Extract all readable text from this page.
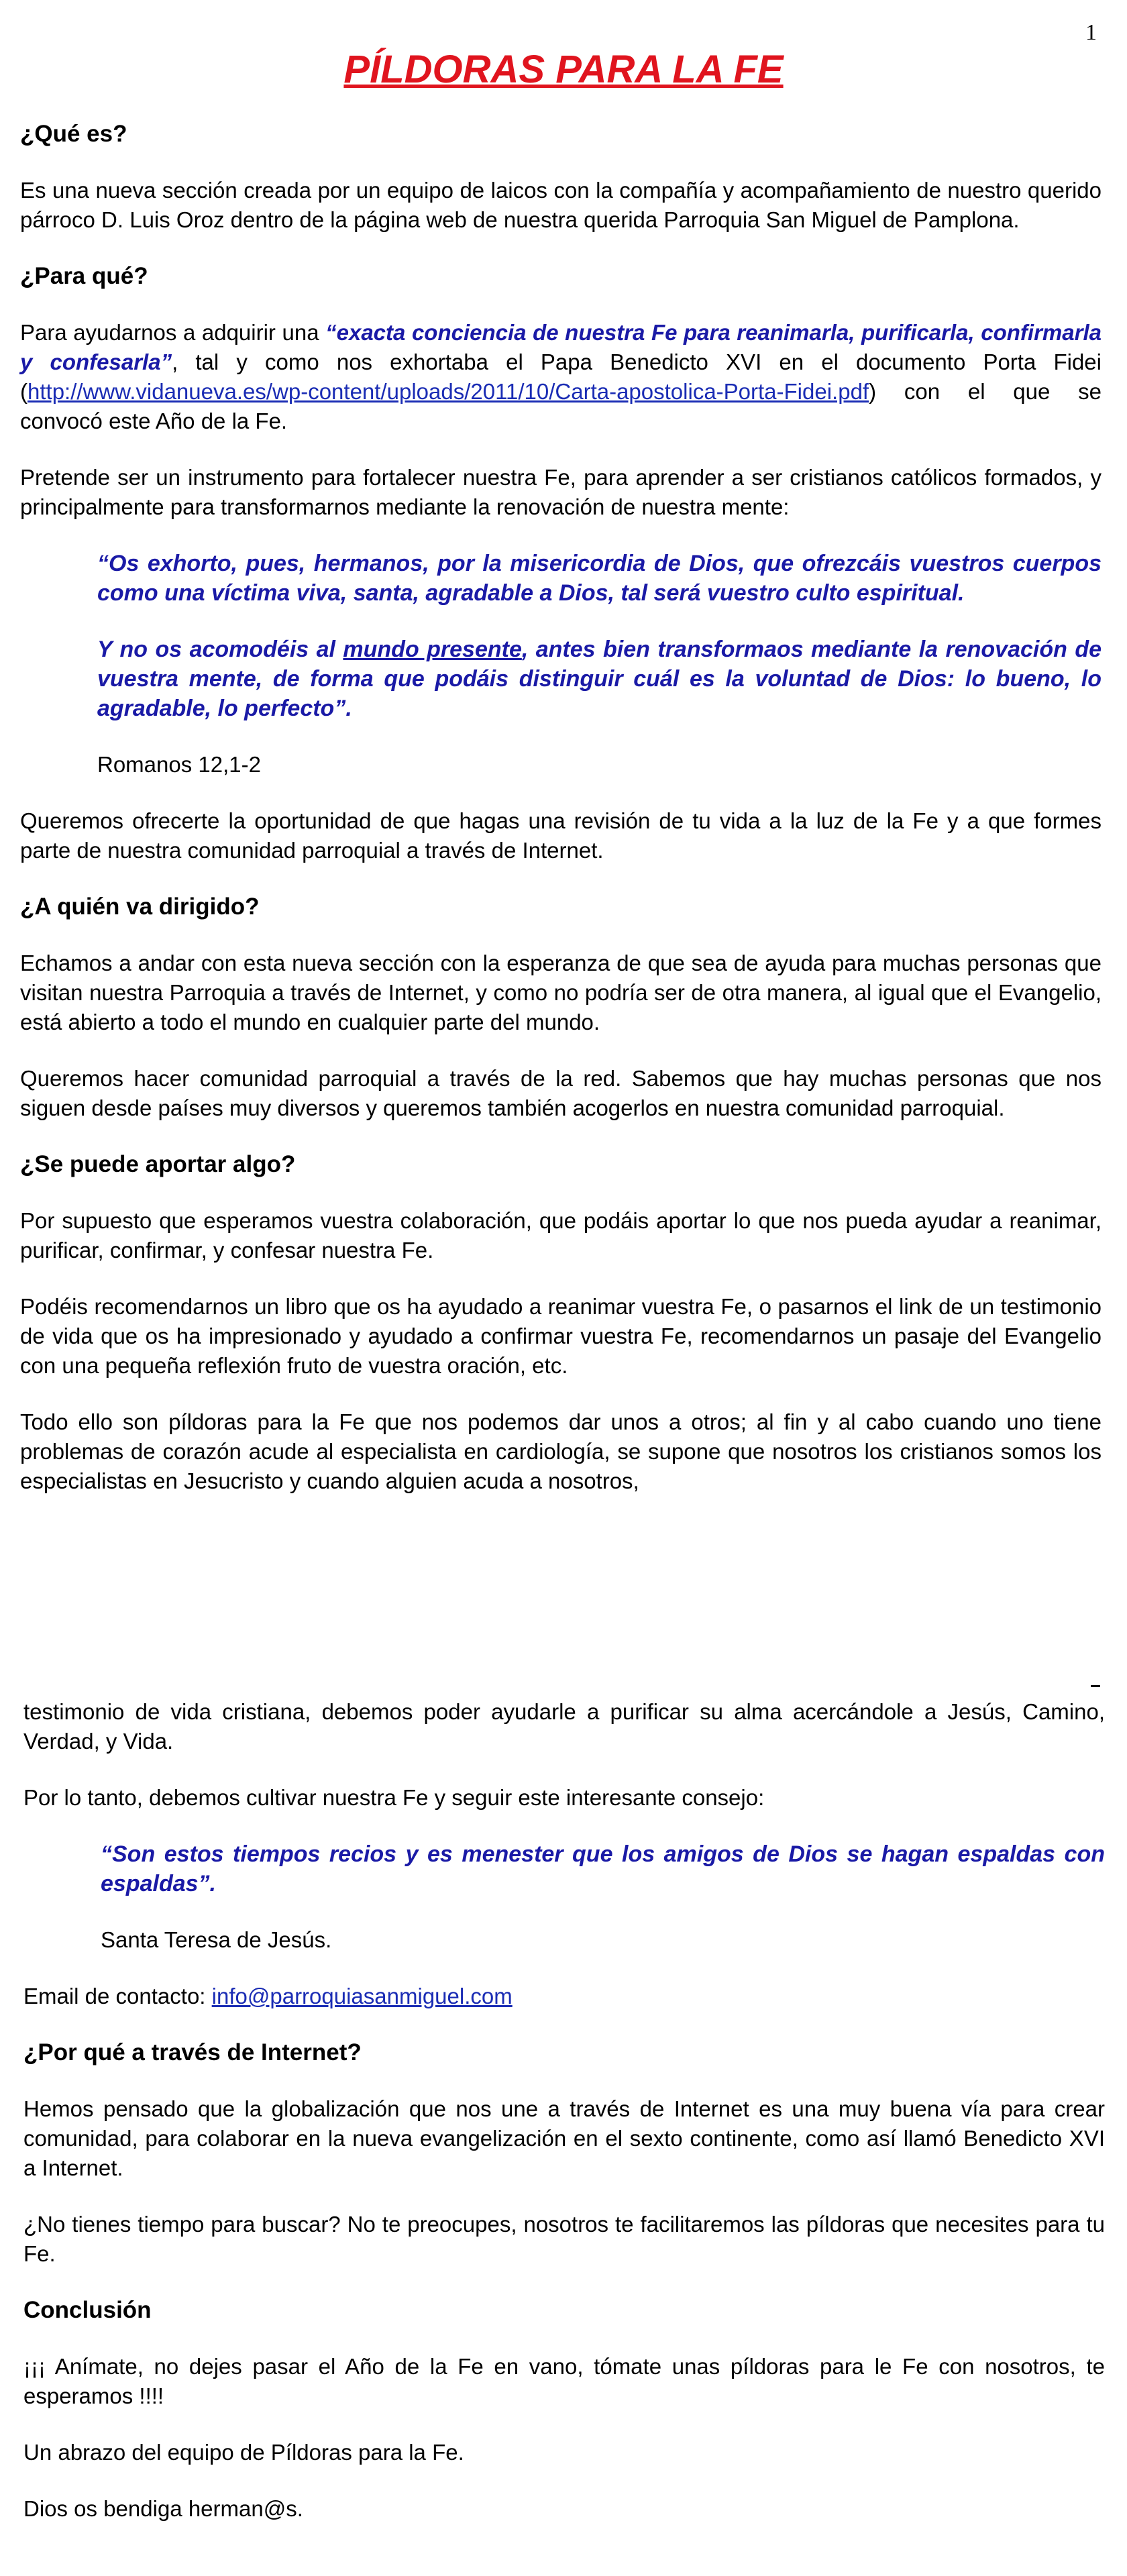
1
PÍLDORAS PARA LA FE
¿Qué es?

Es una nueva sección creada por un equipo de laicos con la compañía y acompañamiento de nuestro querido párroco D. Luis Oroz dentro de la página web de nuestra querida Parroquia San Miguel de Pamplona.

¿Para qué?

Para ayudarnos a adquirir una “exacta conciencia de nuestra Fe para reanimarla, purificarla, confirmarla y confesarla”, tal y como nos exhortaba el Papa Benedicto XVI en el documento Porta Fidei (http://www.vidanueva.es/wp-content/uploads/2011/10/Carta-apostolica-Porta-Fidei.pdf) con el que se convocó este Año de la Fe.

Pretende ser un instrumento para fortalecer nuestra Fe, para aprender a ser cristianos católicos formados, y principalmente para transformarnos mediante la renovación de nuestra mente:

“Os exhorto, pues, hermanos, por la misericordia de Dios, que ofrezcáis vuestros cuerpos como una víctima viva, santa, agradable a Dios, tal será vuestro culto espiritual.

Y no os acomodéis al mundo presente, antes bien transformaos mediante la renovación de vuestra mente, de forma que podáis distinguir cuál es la voluntad de Dios: lo bueno, lo agradable, lo perfecto”.

Romanos 12,1-2

Queremos ofrecerte la oportunidad de que hagas una revisión de tu vida a la luz de la Fe y a que formes parte de nuestra comunidad parroquial a través de Internet.

¿A quién va dirigido?

Echamos a andar con esta nueva sección con la esperanza de que sea de ayuda para muchas personas que visitan nuestra Parroquia a través de Internet, y como no podría ser de otra manera, al igual que el Evangelio, está abierto a todo el mundo en cualquier parte del mundo.

Queremos hacer comunidad parroquial a través de la red. Sabemos que hay muchas personas que nos siguen desde países muy diversos y queremos también acogerlos en nuestra comunidad parroquial.

¿Se puede aportar algo?

Por supuesto que esperamos vuestra colaboración, que podáis aportar lo que nos pueda ayudar a reanimar, purificar, confirmar, y confesar nuestra Fe.

Podéis recomendarnos un libro que os ha ayudado a reanimar vuestra Fe, o pasarnos el link de un testimonio de vida que os ha impresionado y ayudado a confirmar vuestra Fe, recomendarnos un pasaje del Evangelio con una pequeña reflexión fruto de vuestra oración, etc.

Todo ello son píldoras para la Fe que nos podemos dar unos a otros; al fin y al cabo cuando uno tiene problemas de corazón acude al especialista en cardiología, se supone que nosotros los cristianos somos los especialistas en Jesucristo y cuando alguien acuda a nosotros,

testimonio de vida cristiana, debemos poder ayudarle a purificar su alma acercándole a Jesús, Camino, Verdad, y Vida.

Por lo tanto, debemos cultivar nuestra Fe y seguir este interesante consejo:

“Son estos tiempos recios y es menester que los amigos de Dios se hagan espaldas con espaldas”.

Santa Teresa de Jesús.

Email de contacto: info@parroquiasanmiguel.com

¿Por qué a través de Internet?

Hemos pensado que la globalización que nos une a través de Internet es una muy buena vía para crear comunidad, para colaborar en la nueva evangelización en el sexto continente, como así llamó Benedicto XVI a Internet.

¿No tienes tiempo para buscar? No te preocupes, nosotros te facilitaremos las píldoras que necesites para tu Fe.

Conclusión

¡¡¡ Anímate, no dejes pasar el Año de la Fe en vano, tómate unas píldoras para le Fe con nosotros, te esperamos !!!!

Un abrazo del equipo de Píldoras para la Fe.

Dios os bendiga herman@s.
